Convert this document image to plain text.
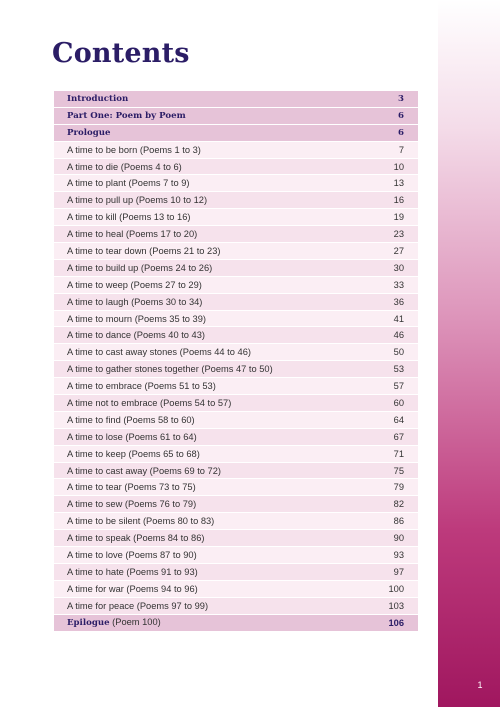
1
Contents
Introduction	3
Part One: Poem by Poem	6
Prologue	6
A time to be born (Poems 1 to 3)	7
A time to die (Poems 4 to 6)	10
A time to plant (Poems 7 to 9)	13
A time to pull up (Poems 10 to 12)	16
A time to kill (Poems 13 to 16)	19
A time to heal (Poems 17 to 20)	23
A time to tear down (Poems 21 to 23)	27
A time to build up (Poems 24 to 26)	30
A time to weep (Poems 27 to 29)	33
A time to laugh (Poems 30 to 34)	36
A time to mourn (Poems 35 to 39)	41
A time to dance (Poems 40 to 43)	46
A time to cast away stones (Poems 44 to 46)	50
A time to gather stones together (Poems 47 to 50)	53
A time to embrace (Poems 51 to 53)	57
A time not to embrace (Poems 54 to 57)	60
A time to find (Poems 58 to 60)	64
A time to lose (Poems 61 to 64)	67
A time to keep (Poems 65 to 68)	71
A time to cast away (Poems 69 to 72)	75
A time to tear (Poems 73 to 75)	79
A time to sew (Poems 76 to 79)	82
A time to be silent (Poems 80 to 83)	86
A time to speak (Poems 84 to 86)	90
A time to love (Poems 87 to 90)	93
A time to hate (Poems 91 to 93)	97
A time for war (Poems 94 to 96)	100
A time for peace (Poems 97 to 99)	103
Epilogue (Poem 100)	106
